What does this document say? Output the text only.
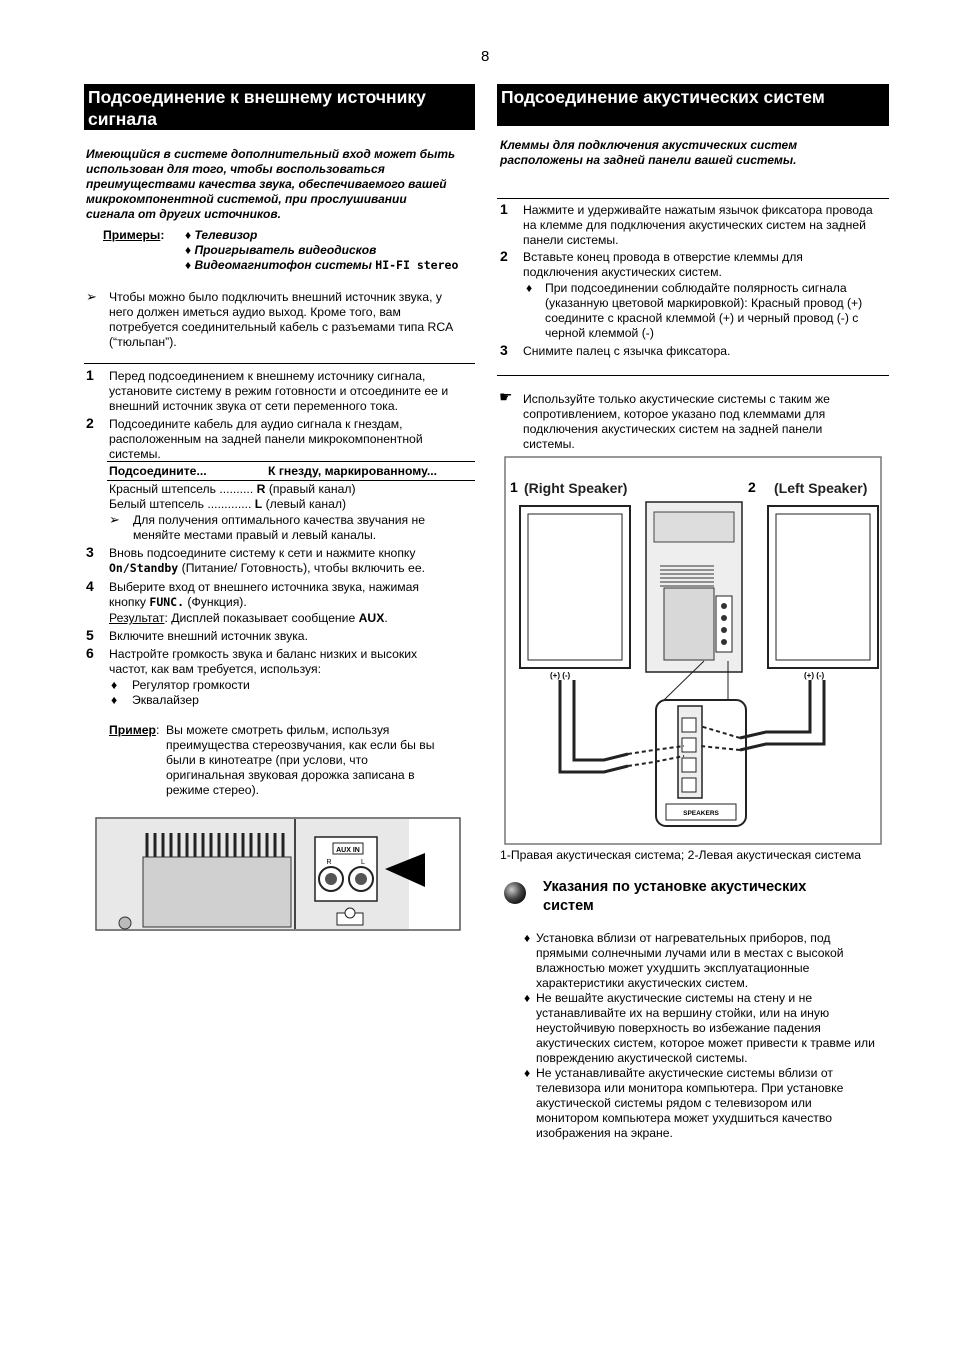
8
Подсоединение к внешнему источнику сигнала
Имеющийся в системе дополнительный вход может быть использован для того, чтобы воспользоваться преимуществами качества звука, обеспечиваемого вашей микрокомпонентной системой, при прослушивании сигнала от других источников.
Примеры: ♦ Телевизор
♦ Проигрыватель видеодисков
♦ Видеомагнитофон системы HI-FI stereo
➢ Чтобы можно было подключить внешний источник звука, у него должен иметься аудио выход. Кроме того, вам потребуется соединительный кабель с разъемами типа RCA (“тюльпан”).
1 Перед подсоединением к внешнему источнику сигнала, установите систему в режим готовности и отсоедините ее и внешний источник звука от сети переменного тока.
2 Подсоедините кабель для аудио сигнала к гнездам, расположенным на задней панели микрокомпонентной системы.
Подсоедините...	К гнезду, маркированному...
Красный штепсель .......... R (правый канал)
Белый штепсель ............. L (левый канал)
➢ Для получения оптимального качества звучания не меняйте местами правый и левый каналы.
3 Вновь подсоедините систему к сети и нажмите кнопку On/Standby (Питание/ Готовность), чтобы включить ее.
4 Выберите вход от внешнего источника звука, нажимая кнопку FUNC. (Функция).
Результат: Дисплей показывает сообщение AUX.
5 Включите внешний источник звука.
6 Настройте громкость звука и баланс низких и высоких частот, как вам требуется, используя:
♦ Регулятор громкости
♦ Эквалайзер
Пример: Вы можете смотреть фильм, используя
преимущества стереозвучания, как если бы вы
были в кинотеатре (при услови, что
оригинальная звуковая дорожка записана в
режиме стерео).
AUX IN
R	L
Подсоединение акустических систем
Клеммы для подключения акустических систем расположены на задней панели вашей системы.
1 Нажмите и удерживайте нажатым язычок фиксатора провода на клемме для подключения акустических систем на задней панели системы.
2 Вставьте конец провода в отверстие клеммы для подключения акустических систем.
♦ При подсоединении соблюдайте полярность сигнала (указанную цветовой маркировкой): Красный провод (+) соедините с красной клеммой (+) и черный провод (-) с черной клеммой (-)
3 Снимите палец с язычка фиксатора.
☛ Используйте только акустические системы с таким же сопротивлением, которое указано под клеммами для подключения акустических систем на задней панели системы.
1 (Right Speaker)	2 (Left Speaker)
(+) (-)	(+) (-)
SPEAKERS
1-Правая акустическая система; 2-Левая акустическая система
Указания по установке акустических систем
♦ Установка вблизи от нагревательных приборов, под прямыми солнечными лучами или в местах с высокой влажностью может ухудшить эксплуатационные характеристики акустических систем.
♦ Не вешайте акустические системы на стену и не устанавливайте их на вершину стойки, или на иную неустойчивую поверхность во избежание падения акустических систем, которое может привести к травме или повреждению акустической системы.
♦ Не устанавливайте акустические системы вблизи от телевизора или монитора компьютера. При установке акустической системы рядом с телевизором или монитором компьютера может ухудшиться качество изображения на экране.
